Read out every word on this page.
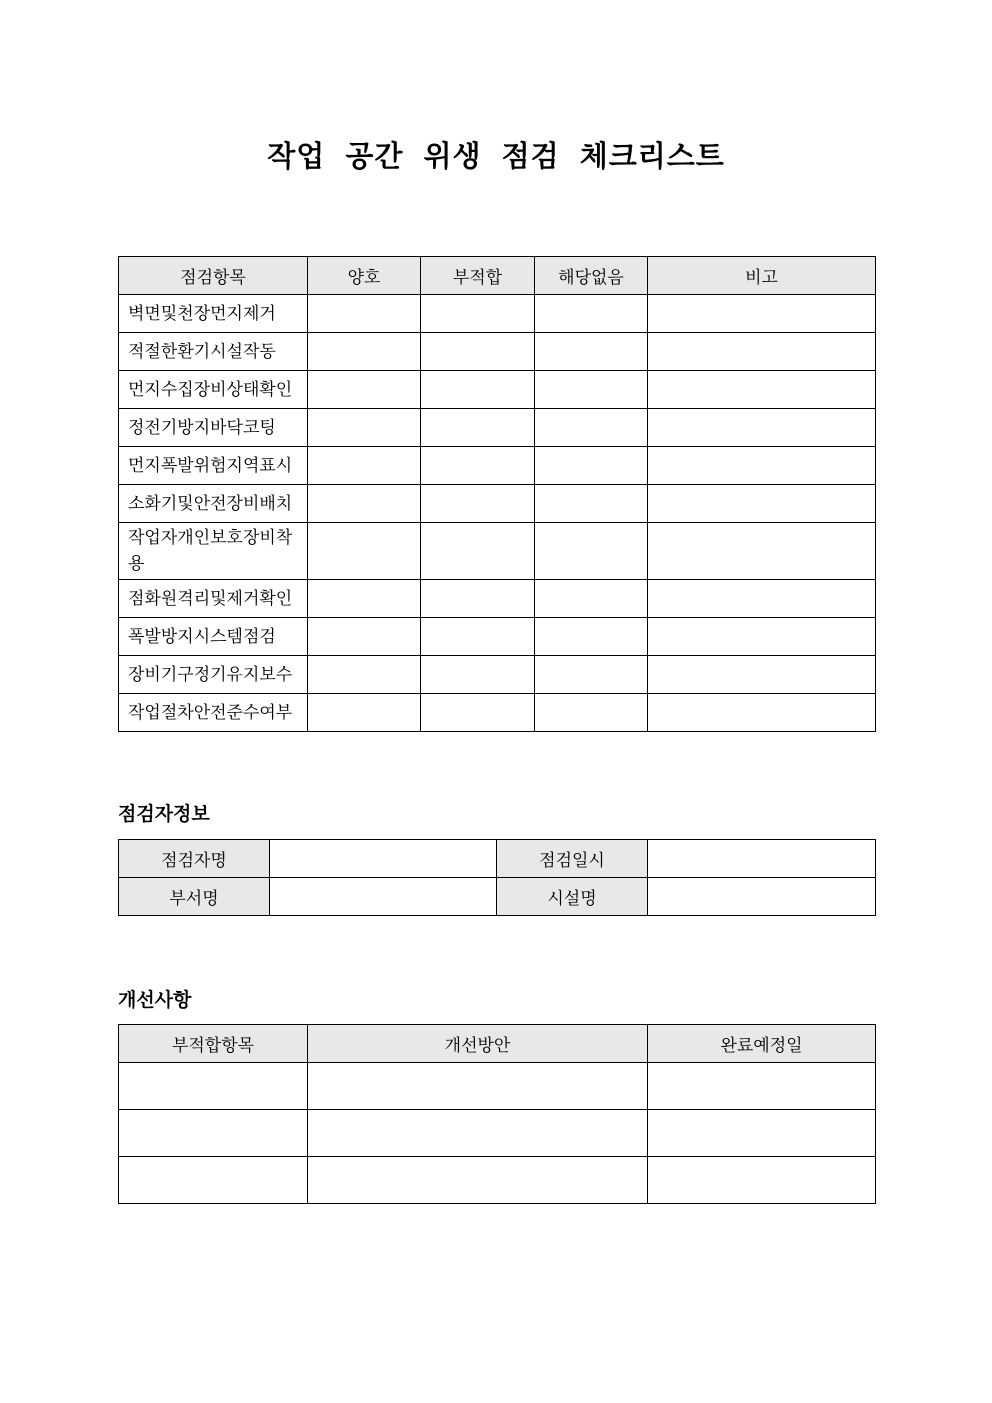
작업 공간 위생 점검 체크리스트
점검항목	양호	부적합	해당없음	비고
벽면및천장먼지제거				
적절한환기시설작동				
먼지수집장비상태확인				
정전기방지바닥코팅				
먼지폭발위험지역표시				
소화기및안전장비배치				
작업자개인보호장비착용				
점화원격리및제거확인				
폭발방지시스템점검				
장비기구정기유지보수				
작업절차안전준수여부				
점검자정보
점검자명		점검일시	
부서명		시설명	
개선사항
부적합항목	개선방안	완료예정일
